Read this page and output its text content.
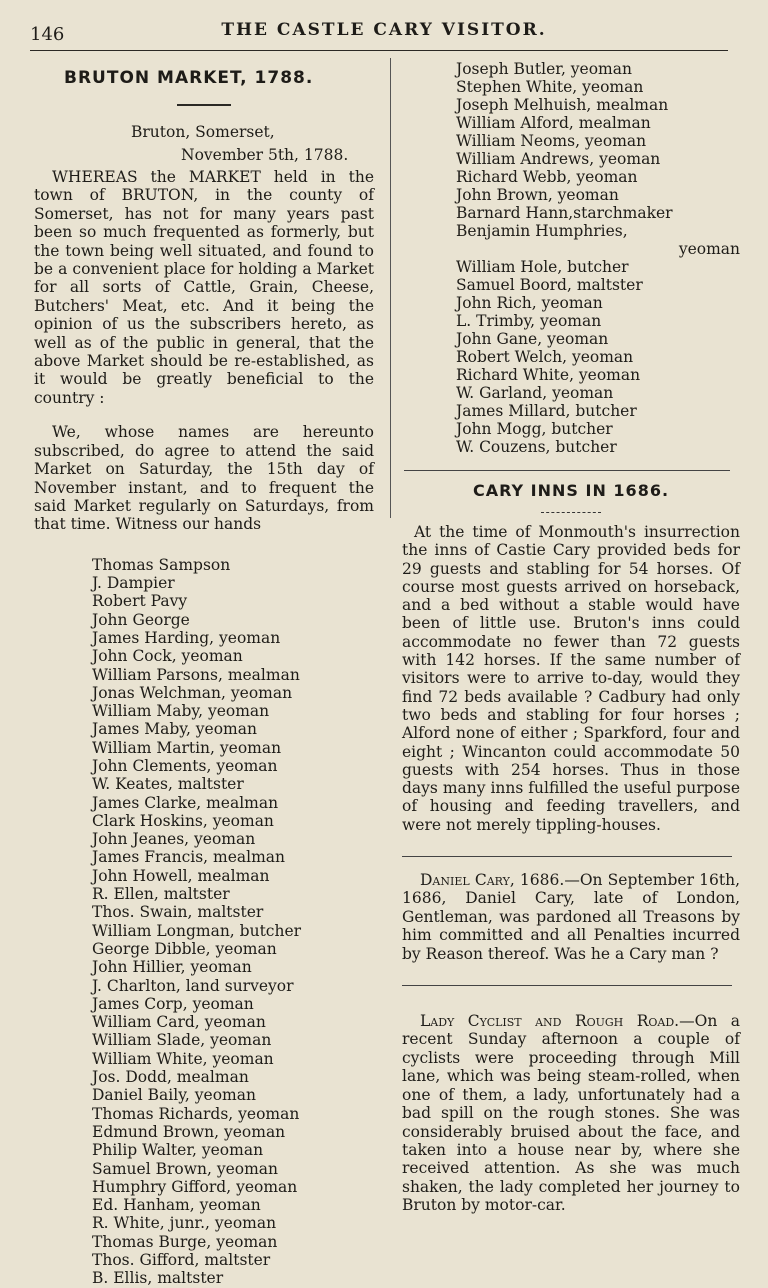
146	THE CASTLE CARY VISITOR.
BRUTON MARKET, 1788.
Bruton, Somerset,
November 5th, 1788.

WHEREAS the MARKET held in the town of BRUTON, in the county of Somerset, has not for many years past been so much frequented as formerly, but the town being well situated, and found to be a convenient place for holding a Market for all sorts of Cattle, Grain, Cheese, Butchers' Meat, etc. And it being the opinion of us the subscribers hereto, as well as of the public in general, that the above Market should be re-established, as it would be greatly beneficial to the country :

We, whose names are hereunto subscribed, do agree to attend the said Market on Saturday, the 15th day of November instant, and to frequent the said Market regularly on Saturdays, from that time. Witness our hands

Thomas Sampson
J. Dampier
Robert Pavy
John George
James Harding, yeoman
John Cock, yeoman
William Parsons, mealman
Jonas Welchman, yeoman
William Maby, yeoman
James Maby, yeoman
William Martin, yeoman
John Clements, yeoman
W. Keates, maltster
James Clarke, mealman
Clark Hoskins, yeoman
John Jeanes, yeoman
James Francis, mealman
John Howell, mealman
R. Ellen, maltster
Thos. Swain, maltster
William Longman, butcher
George Dibble, yeoman
John Hillier, yeoman
J. Charlton, land surveyor
James Corp, yeoman
William Card, yeoman
William Slade, yeoman
William White, yeoman
Jos. Dodd, mealman
Daniel Baily, yeoman
Thomas Richards, yeoman
Edmund Brown, yeoman
Philip Walter, yeoman
Samuel Brown, yeoman
Humphry Gifford, yeoman
Ed. Hanham, yeoman
R. White, junr., yeoman
Thomas Burge, yeoman
Thos. Gifford, maltster
B. Ellis, maltster
Joseph Butler, yeoman
Stephen White, yeoman
Joseph Melhuish, mealman
William Alford, mealman
William Neoms, yeoman
William Andrews, yeoman
Richard Webb, yeoman
John Brown, yeoman
Barnard Hann,starchmaker
Benjamin Humphries,
yeoman
William Hole, butcher
Samuel Boord, maltster
John Rich, yeoman
L. Trimby, yeoman
John Gane, yeoman
Robert Welch, yeoman
Richard White, yeoman
W. Garland, yeoman
James Millard, butcher
John Mogg, butcher
W. Couzens, butcher
CARY INNS IN 1686.

At the time of Monmouth's insurrection the inns of Castie Cary provided beds for 29 guests and stabling for 54 horses. Of course most guests arrived on horseback, and a bed without a stable would have been of little use. Bruton's inns could accommodate no fewer than 72 guests with 142 horses. If the same number of visitors were to arrive to-day, would they find 72 beds available ? Cadbury had only two beds and stabling for four horses ; Alford none of either ; Sparkford, four and eight ; Wincanton could accommodate 50 guests with 254 horses. Thus in those days many inns fulfilled the useful purpose of housing and feeding travellers, and were not merely tippling-houses.

Daniel Cary, 1686.—On September 16th, 1686, Daniel Cary, late of London, Gentleman, was pardoned all Treasons by him committed and all Penalties incurred by Reason thereof. Was he a Cary man ?

Lady Cyclist and Rough Road.—On a recent Sunday afternoon a couple of cyclists were proceeding through Mill lane, which was being steam-rolled, when one of them, a lady, unfortunately had a bad spill on the rough stones. She was considerably bruised about the face, and taken into a house near by, where she received attention. As she was much shaken, the lady completed her journey to Bruton by motor-car.
